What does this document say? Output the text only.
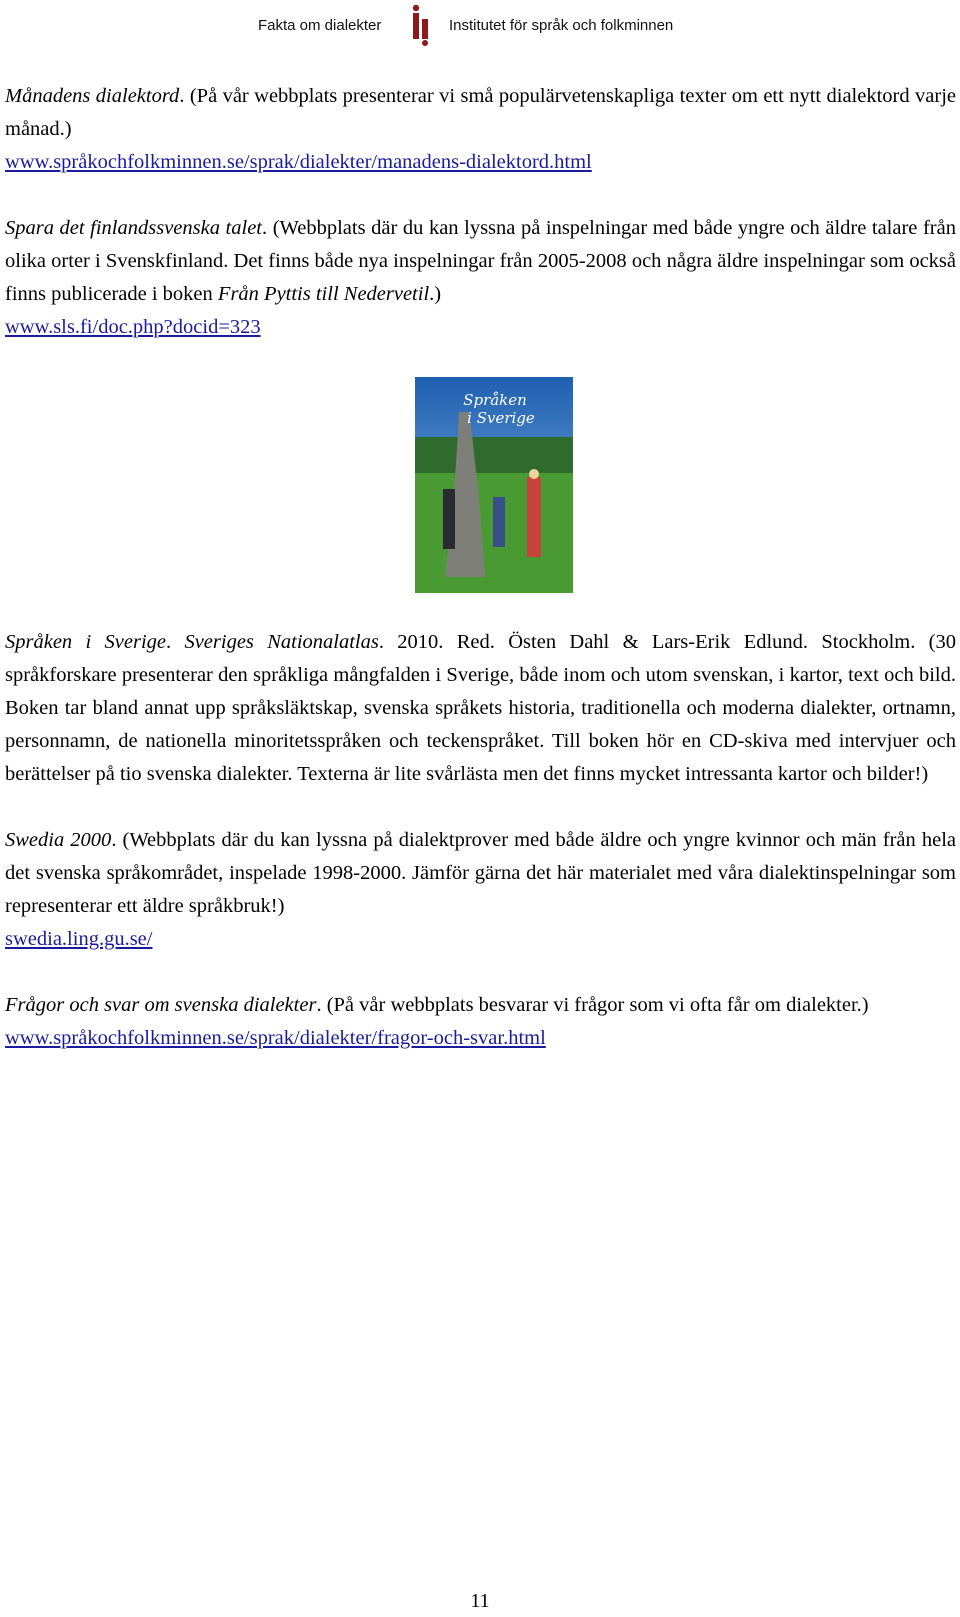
Fakta om dialekter	Institutet för språk och folkminnen

Månadens dialektord. (På vår webbplats presenterar vi små populärvetenskapliga texter om ett nytt dialektord varje månad.)

www.språkochfolkminnen.se/sprak/dialekter/manadens-dialektord.html

Spara det finlandssvenska talet. (Webbplats där du kan lyssna på inspelningar med både yngre och äldre talare från olika orter i Svenskfinland. Det finns både nya inspelningar från 2005-2008 och några äldre inspelningar som också finns publicerade i boken Från Pyttis till Nedervetil.)

www.sls.fi/doc.php?docid=323

Språken
i Sverige

Språken i Sverige. Sveriges Nationalatlas. 2010. Red. Östen Dahl & Lars-Erik Edlund. Stockholm. (30 språkforskare presenterar den språkliga mångfalden i Sverige, både inom och utom svenskan, i kartor, text och bild. Boken tar bland annat upp språksläktskap, svenska språkets historia, traditionella och moderna dialekter, ortnamn, personnamn, de nationella minoritetsspråken och teckenspråket. Till boken hör en CD-skiva med intervjuer och berättelser på tio svenska dialekter. Texterna är lite svårlästa men det finns mycket intressanta kartor och bilder!)

Swedia 2000. (Webbplats där du kan lyssna på dialektprover med både äldre och yngre kvinnor och män från hela det svenska språkområdet, inspelade 1998-2000. Jämför gärna det här materialet med våra dialektinspelningar som representerar ett äldre språkbruk!)

swedia.ling.gu.se/

Frågor och svar om svenska dialekter. (På vår webbplats besvarar vi frågor som vi ofta får om dialekter.)

www.språkochfolkminnen.se/sprak/dialekter/fragor-och-svar.html

11
